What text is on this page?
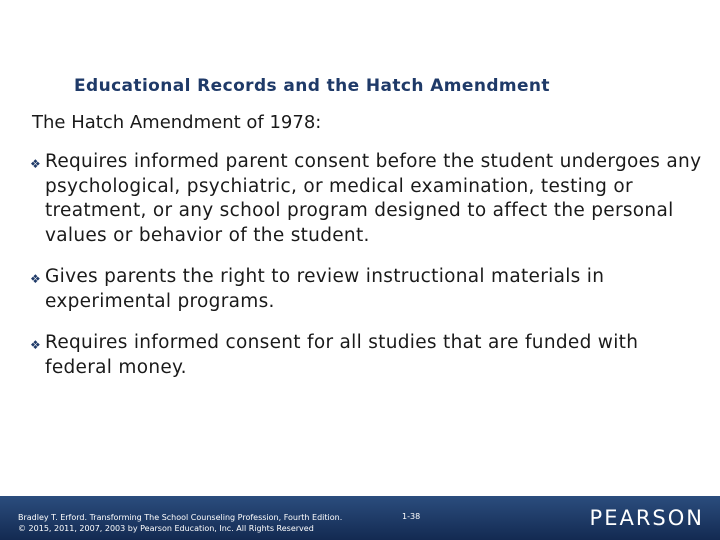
Educational Records and the Hatch Amendment
The Hatch Amendment of 1978:
❖ Requires informed parent consent before the student undergoes any psychological, psychiatric, or medical examination, testing or treatment, or any school program designed to affect the personal values or behavior of the student.
❖ Gives parents the right to review instructional materials in experimental programs.
❖ Requires informed consent for all studies that are funded with federal money.
Bradley T. Erford. Transforming The School Counseling Profession, Fourth Edition.
© 2015, 2011, 2007, 2003 by Pearson Education, Inc. All Rights Reserved
1-38	PEARSON
